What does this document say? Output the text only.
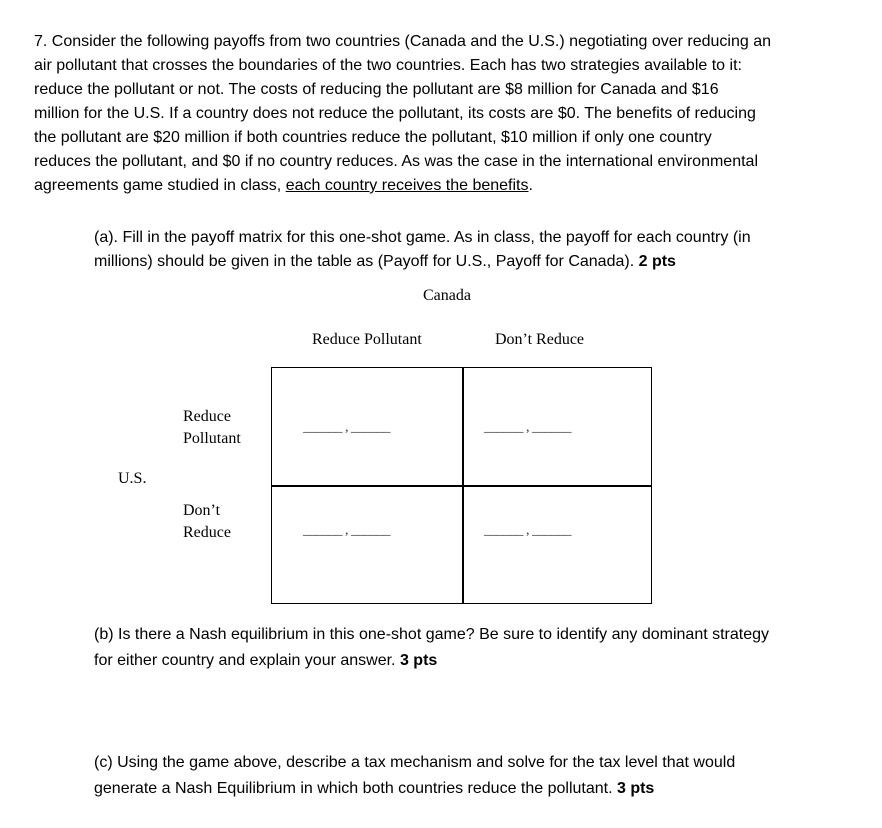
7. Consider the following payoffs from two countries (Canada and the U.S.) negotiating over reducing an
air pollutant that crosses the boundaries of the two countries. Each has two strategies available to it:
reduce the pollutant or not. The costs of reducing the pollutant are $8 million for Canada and $16
million for the U.S. If a country does not reduce the pollutant, its costs are $0. The benefits of reducing
the pollutant are $20 million if both countries reduce the pollutant, $10 million if only one country
reduces the pollutant, and $0 if no country reduces. As was the case in the international environmental
agreements game studied in class, each country receives the benefits.
(a). Fill in the payoff matrix for this one-shot game. As in class, the payoff for each country (in
millions) should be given in the table as (Payoff for U.S., Payoff for Canada). 2 pts
Canada
Reduce Pollutant	Don’t Reduce
Reduce
Pollutant
U.S.
Don’t
Reduce
______ , ______	______ , ______
______ , ______	______ , ______
(b) Is there a Nash equilibrium in this one-shot game? Be sure to identify any dominant strategy
for either country and explain your answer. 3 pts
(c) Using the game above, describe a tax mechanism and solve for the tax level that would
generate a Nash Equilibrium in which both countries reduce the pollutant. 3 pts
